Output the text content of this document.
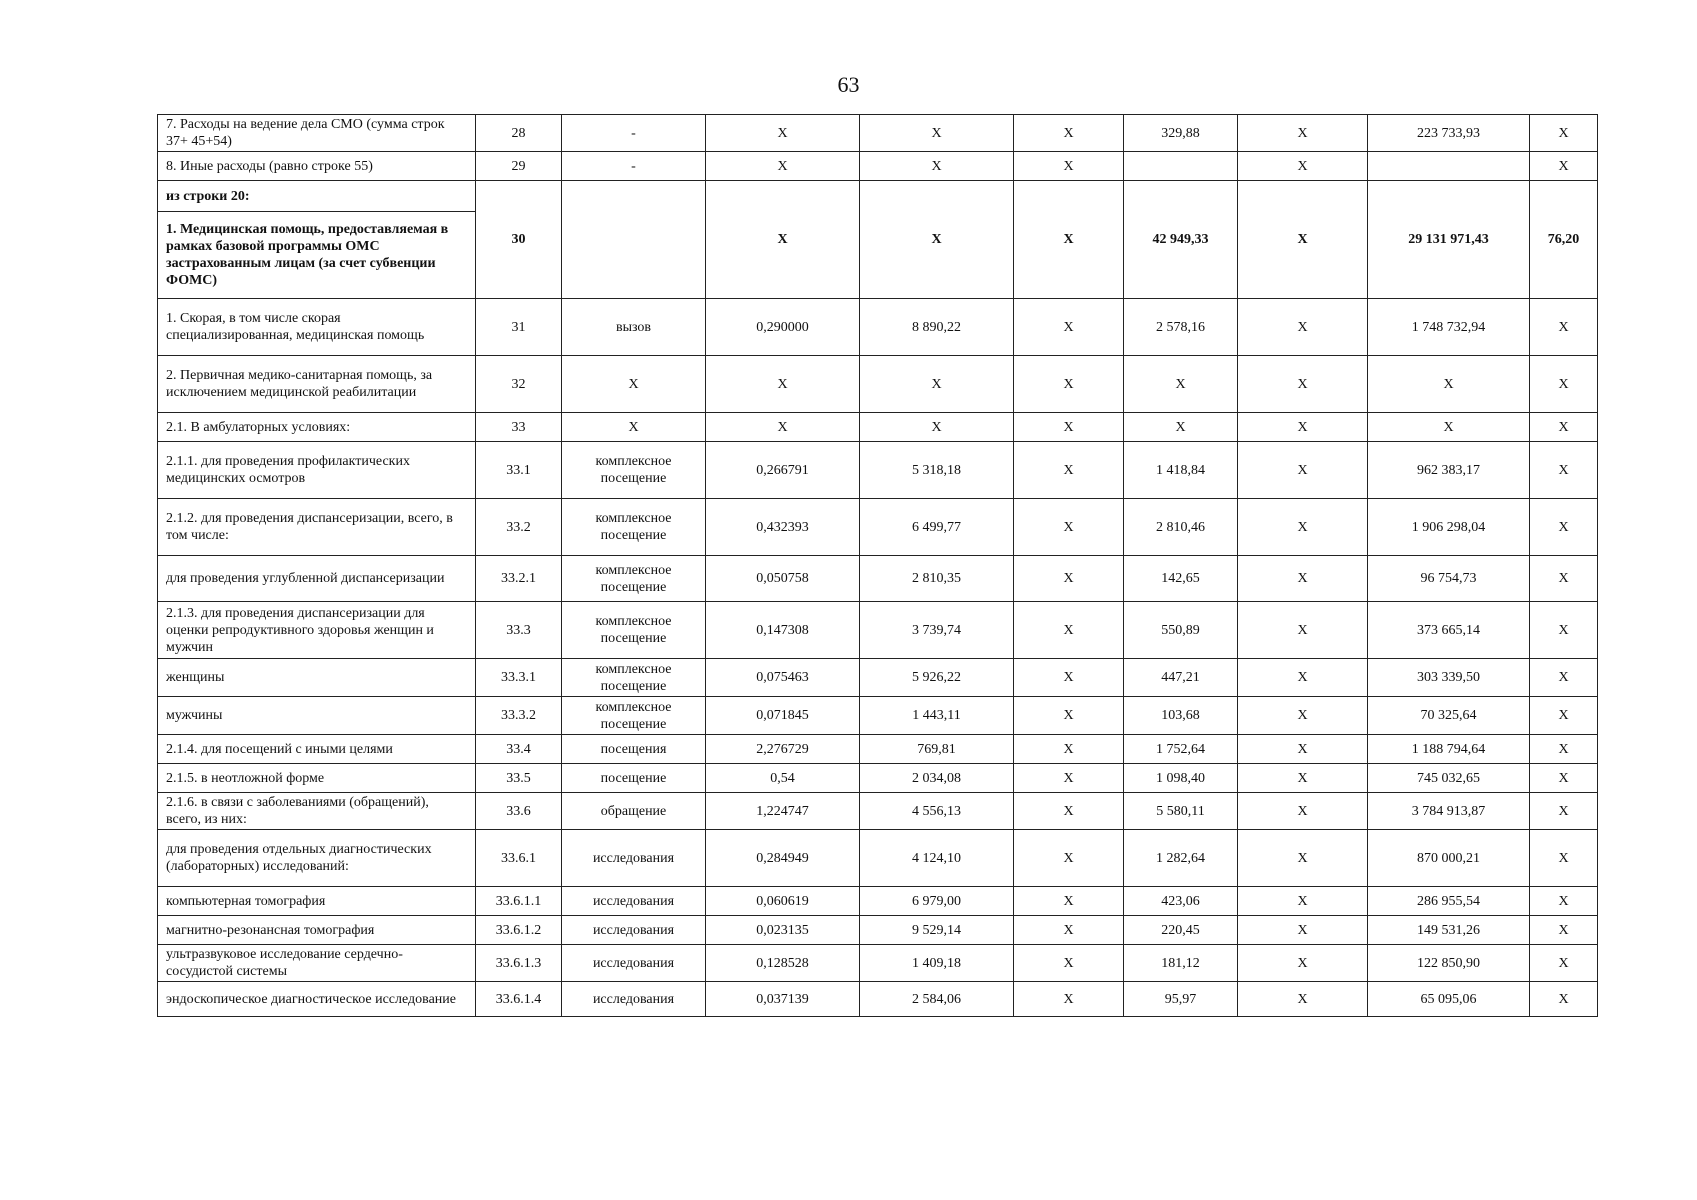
63
7. Расходы на ведение дела СМО (сумма строк 37+ 45+54)	28	-	X	X	X	329,88	X	223 733,93	X
8. Иные расходы (равно строке 55)	29	-	X	X	X		X		X
из строки 20:	30		X	X	X	42 949,33	X	29 131 971,43	76,20
1. Медицинская помощь, предоставляемая в рамках базовой программы ОМС застрахованным лицам (за счет субвенции ФОМС)									
1. Скорая, в том числе скорая специализированная, медицинская помощь	31	вызов	0,290000	8 890,22	X	2 578,16	X	1 748 732,94	X
2. Первичная медико-санитарная помощь, за исключением медицинской реабилитации	32	X	X	X	X	X	X	X	X
2.1. В амбулаторных условиях:	33	X	X	X	X	X	X	X	X
2.1.1. для проведения профилактических медицинских осмотров	33.1	комплексное посещение	0,266791	5 318,18	X	1 418,84	X	962 383,17	X
2.1.2. для проведения диспансеризации, всего, в том числе:	33.2	комплексное посещение	0,432393	6 499,77	X	2 810,46	X	1 906 298,04	X
для проведения углубленной диспансеризации	33.2.1	комплексное посещение	0,050758	2 810,35	X	142,65	X	96 754,73	X
2.1.3. для проведения диспансеризации для оценки репродуктивного здоровья женщин и мужчин	33.3	комплексное посещение	0,147308	3 739,74	X	550,89	X	373 665,14	X
женщины	33.3.1	комплексное посещение	0,075463	5 926,22	X	447,21	X	303 339,50	X
мужчины	33.3.2	комплексное посещение	0,071845	1 443,11	X	103,68	X	70 325,64	X
2.1.4. для посещений с иными целями	33.4	посещения	2,276729	769,81	X	1 752,64	X	1 188 794,64	X
2.1.5. в неотложной форме	33.5	посещение	0,54	2 034,08	X	1 098,40	X	745 032,65	X
2.1.6. в связи с заболеваниями (обращений), всего, из них:	33.6	обращение	1,224747	4 556,13	X	5 580,11	X	3 784 913,87	X
для проведения отдельных диагностических (лабораторных) исследований:	33.6.1	исследования	0,284949	4 124,10	X	1 282,64	X	870 000,21	X
компьютерная томография	33.6.1.1	исследования	0,060619	6 979,00	X	423,06	X	286 955,54	X
магнитно-резонансная томография	33.6.1.2	исследования	0,023135	9 529,14	X	220,45	X	149 531,26	X
ультразвуковое исследование сердечно-сосудистой системы	33.6.1.3	исследования	0,128528	1 409,18	X	181,12	X	122 850,90	X
эндоскопическое диагностическое исследование	33.6.1.4	исследования	0,037139	2 584,06	X	95,97	X	65 095,06	X
